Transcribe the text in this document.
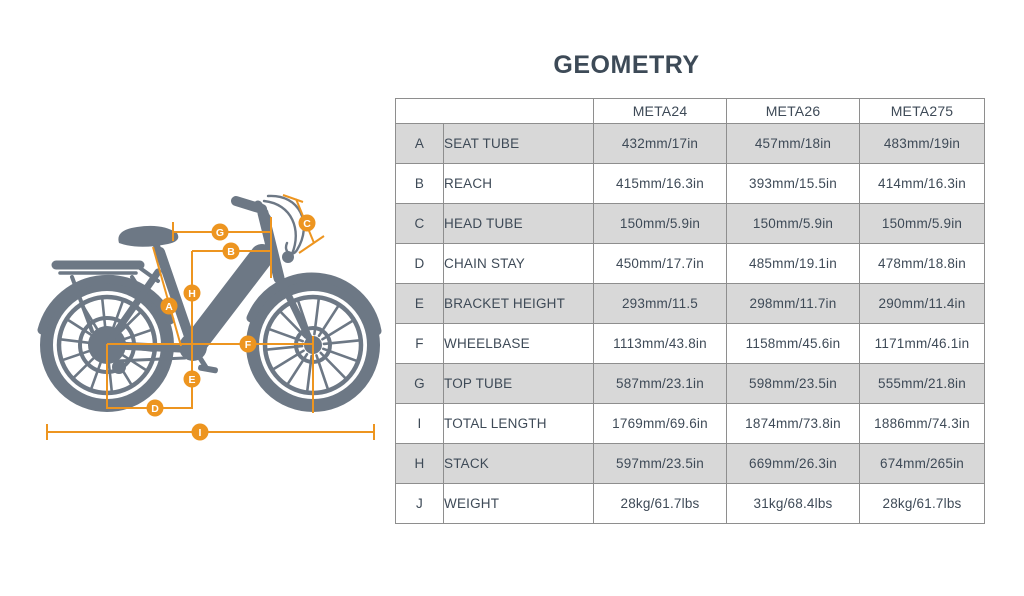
GEOMETRY
A
B
C
D
E
F
G
H
I
		META24	META26	META275
A	SEAT TUBE	432mm/17in	457mm/18in	483mm/19in
B	REACH	415mm/16.3in	393mm/15.5in	414mm/16.3in
C	HEAD TUBE	150mm/5.9in	150mm/5.9in	150mm/5.9in
D	CHAIN STAY	450mm/17.7in	485mm/19.1in	478mm/18.8in
E	BRACKET HEIGHT	293mm/11.5	298mm/11.7in	290mm/11.4in
F	WHEELBASE	1113mm/43.8in	1158mm/45.6in	1171mm/46.1in
G	TOP TUBE	587mm/23.1in	598mm/23.5in	555mm/21.8in
I	TOTAL LENGTH	1769mm/69.6in	1874mm/73.8in	1886mm/74.3in
H	STACK	597mm/23.5in	669mm/26.3in	674mm/265in
J	WEIGHT	28kg/61.7lbs	31kg/68.4lbs	28kg/61.7lbs
